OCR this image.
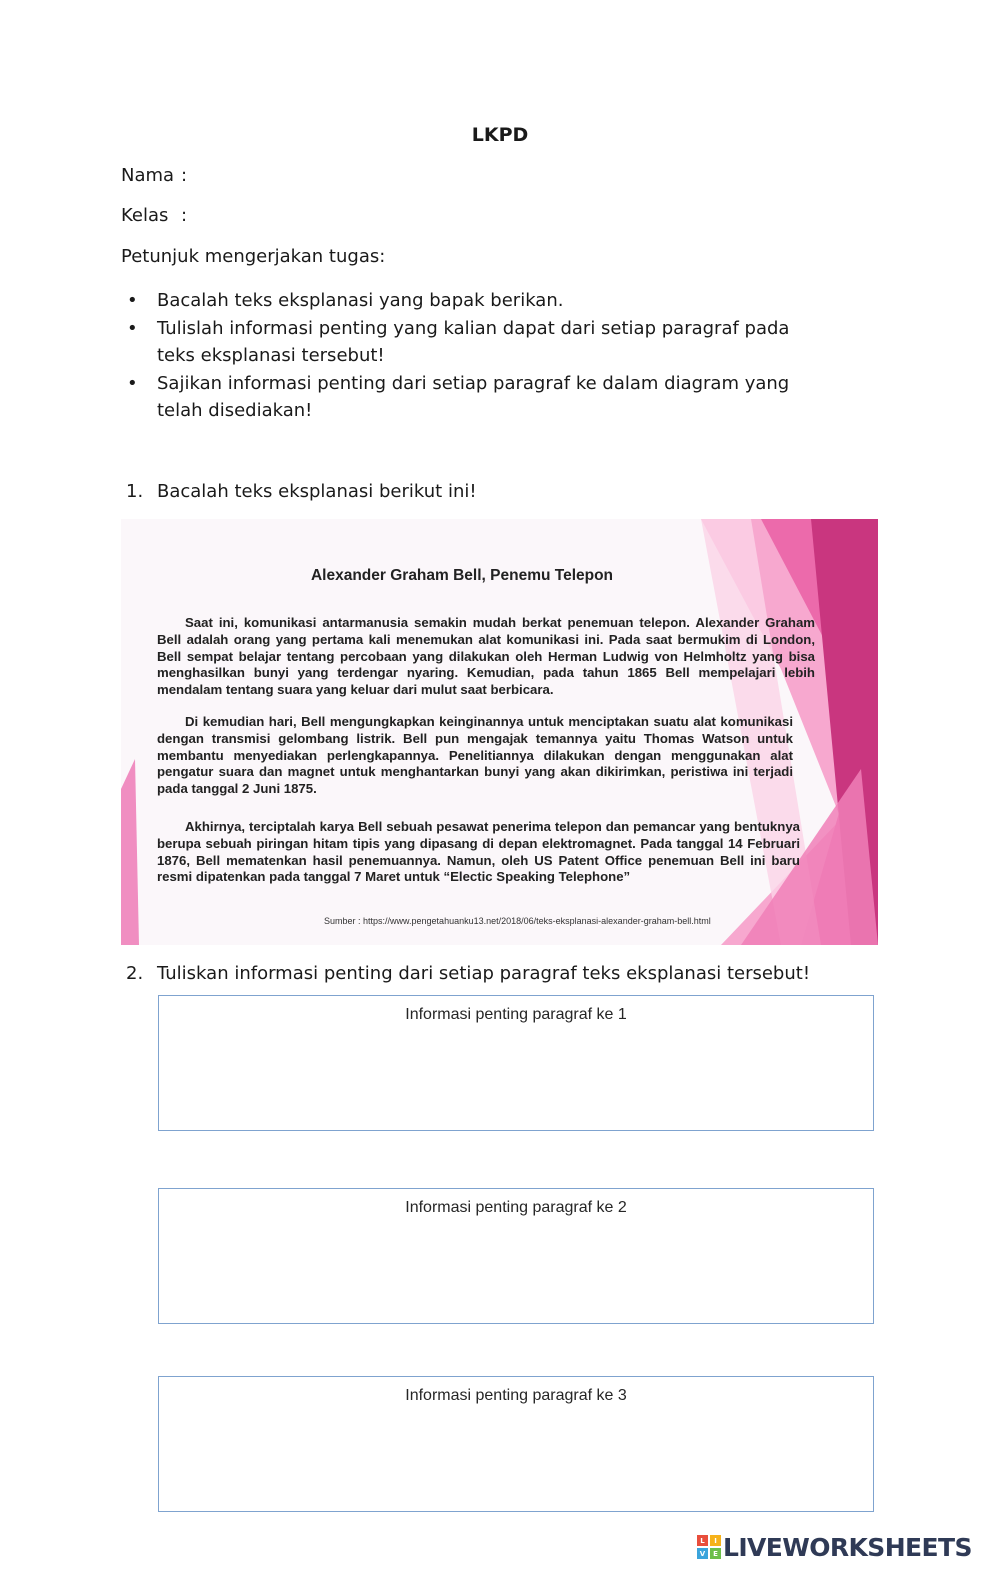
LKPD
Nama :
Kelas :
Petunjuk mengerjakan tugas:
• Bacalah teks eksplanasi yang bapak berikan.
• Tulislah informasi penting yang kalian dapat dari setiap paragraf pada teks eksplanasi tersebut!
• Sajikan informasi penting dari setiap paragraf ke dalam diagram yang telah disediakan!
1. Bacalah teks eksplanasi berikut ini!
Alexander Graham Bell, Penemu Telepon

Saat ini, komunikasi antarmanusia semakin mudah berkat penemuan telepon. Alexander Graham Bell adalah orang yang pertama kali menemukan alat komunikasi ini. Pada saat bermukim di London, Bell sempat belajar tentang percobaan yang dilakukan oleh Herman Ludwig von Helmholtz yang bisa menghasilkan bunyi yang terdengar nyaring. Kemudian, pada tahun 1865 Bell mempelajari lebih mendalam tentang suara yang keluar dari mulut saat berbicara.

Di kemudian hari, Bell mengungkapkan keinginannya untuk menciptakan suatu alat komunikasi dengan transmisi gelombang listrik. Bell pun mengajak temannya yaitu Thomas Watson untuk membantu menyediakan perlengkapannya. Penelitiannya dilakukan dengan menggunakan alat pengatur suara dan magnet untuk menghantarkan bunyi yang akan dikirimkan, peristiwa ini terjadi pada tanggal 2 Juni 1875.

Akhirnya, terciptalah karya Bell sebuah pesawat penerima telepon dan pemancar yang bentuknya berupa sebuah piringan hitam tipis yang dipasang di depan elektromagnet. Pada tanggal 14 Februari 1876, Bell mematenkan hasil penemuannya. Namun, oleh US Patent Office penemuan Bell ini baru resmi dipatenkan pada tanggal 7 Maret untuk “Electic Speaking Telephone”

Sumber : https://www.pengetahuanku13.net/2018/06/teks-eksplanasi-alexander-graham-bell.html
2. Tuliskan informasi penting dari setiap paragraf teks eksplanasi tersebut!
Informasi penting paragraf ke 1
Informasi penting paragraf ke 2
Informasi penting paragraf ke 3
L	I
V	E LIVEWORKSHEETS
